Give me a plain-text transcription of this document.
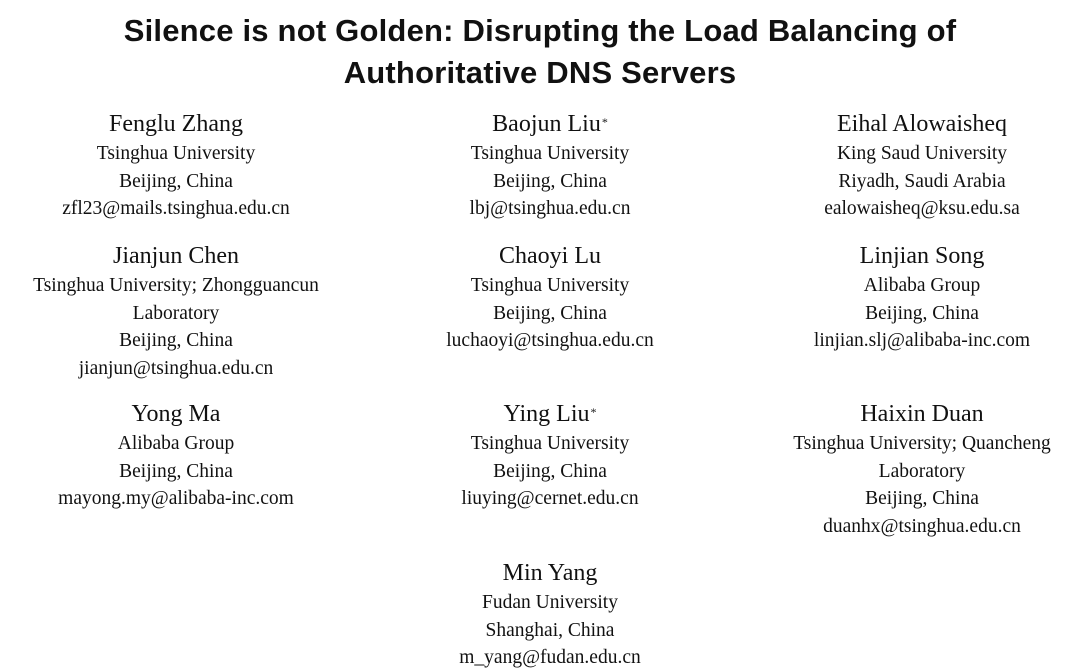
Silence is not Golden: Disrupting the Load Balancing of
Authoritative DNS Servers
Fenglu Zhang
Tsinghua University
Beijing, China
zfl23@mails.tsinghua.edu.cn
Baojun Liu*
Tsinghua University
Beijing, China
lbj@tsinghua.edu.cn
Eihal Alowaisheq
King Saud University
Riyadh, Saudi Arabia
ealowaisheq@ksu.edu.sa
Jianjun Chen
Tsinghua University; Zhongguancun
Laboratory
Beijing, China
jianjun@tsinghua.edu.cn
Chaoyi Lu
Tsinghua University
Beijing, China
luchaoyi@tsinghua.edu.cn
Linjian Song
Alibaba Group
Beijing, China
linjian.slj@alibaba-inc.com
Yong Ma
Alibaba Group
Beijing, China
mayong.my@alibaba-inc.com
Ying Liu*
Tsinghua University
Beijing, China
liuying@cernet.edu.cn
Haixin Duan
Tsinghua University; Quancheng
Laboratory
Beijing, China
duanhx@tsinghua.edu.cn
Min Yang
Fudan University
Shanghai, China
m_yang@fudan.edu.cn
